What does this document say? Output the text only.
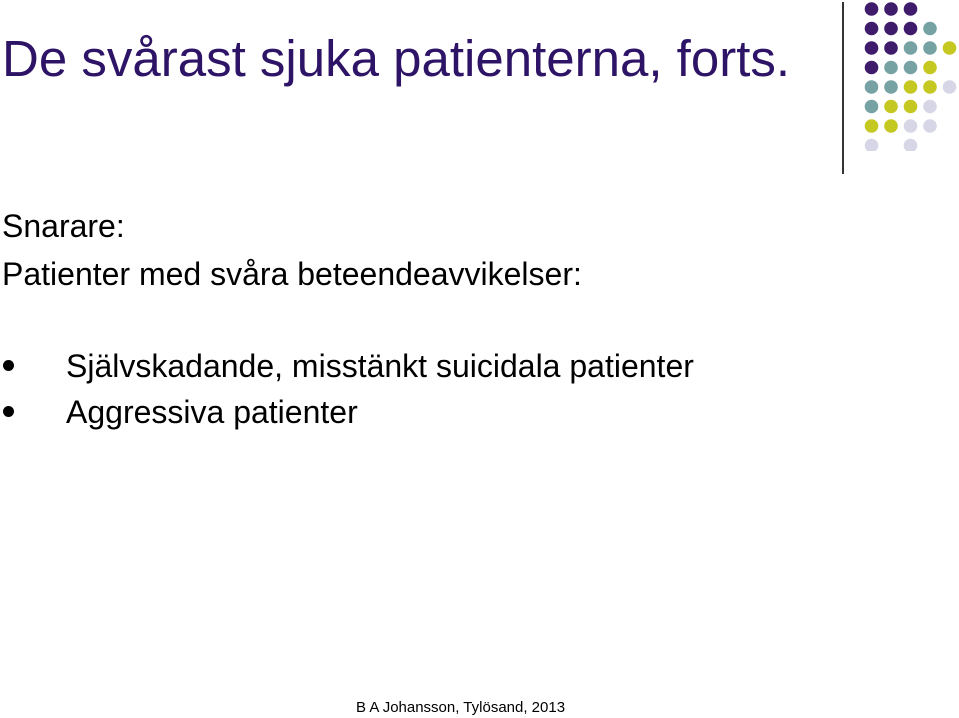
De svårast sjuka patienterna, forts.
Snarare:
Patienter med svåra beteendeavvikelser:
Självskadande, misstänkt suicidala patienter
Aggressiva patienter
B A Johansson, Tylösand, 2013
